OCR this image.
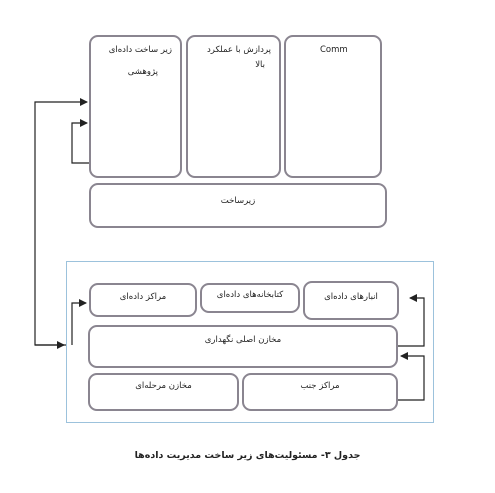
زیر ساخت داده‌ای
پژوهشی
پردازش با عملکرد
بالا
Comm
زیرساخت
مراکز داده‌ای	کتابخانه‌های داده‌ای	انبار‌های داده‌ای
مخازن اصلی نگهداری
مخازن مرحله‌ای	مراکز جنب
جدول ۳- مسئولیت‌های زیر ساخت مدیریت داده‌ها
